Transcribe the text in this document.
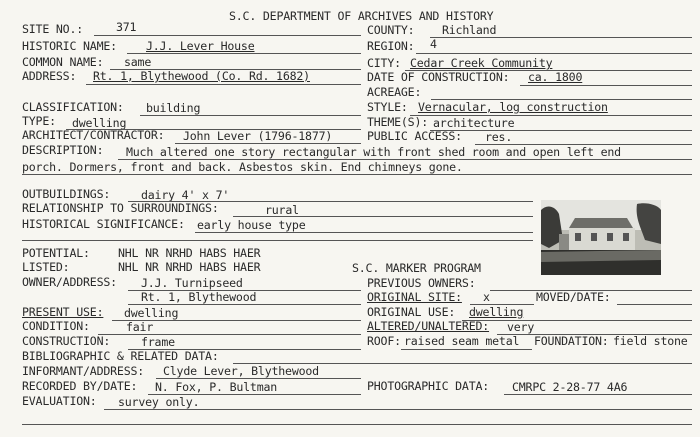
S.C. DEPARTMENT OF ARCHIVES AND HISTORY
SITE NO.:	371	COUNTY: Richland
HISTORIC NAME:	J.J. Lever House	REGION: 4
COMMON NAME: same	CITY: Cedar Creek Community
ADDRESS: Rt. 1, Blythewood (Co. Rd. 1682)	DATE OF CONSTRUCTION: ca. 1800
ACREAGE:
CLASSIFICATION: building	STYLE: Vernacular, log construction
TYPE: dwelling	THEME(S): architecture
ARCHITECT/CONTRACTOR: John Lever (1796-1877)	PUBLIC ACCESS: res.
DESCRIPTION: Much altered one story rectangular with front shed room and open left end
porch. Dormers, front and back. Asbestos skin. End chimneys gone.
OUTBUILDINGS:	dairy 4' x 7'
RELATIONSHIP TO SURROUNDINGS:	rural
HISTORICAL SIGNIFICANCE: early house type
POTENTIAL: NHL NR NRHD HABS HAER
LISTED:	NHL NR NRHD HABS HAER	S.C. MARKER PROGRAM
OWNER/ADDRESS: J.J. Turnipseed
Rt. 1, Blythewood
PREVIOUS OWNERS:
ORIGINAL SITE: x	MOVED/DATE:
PRESENT USE: dwelling	ORIGINAL USE: dwelling
CONDITION:	fair	ALTERED/UNALTERED: very
CONSTRUCTION:	frame	ROOF: raised seam metal FOUNDATION: field stone
BIBLIOGRAPHIC & RELATED DATA:
INFORMANT/ADDRESS: Clyde Lever, Blythewood
RECORDED BY/DATE: N. Fox, P. Bultman	PHOTOGRAPHIC DATA: CMRPC 2-28-77 4A6
EVALUATION: survey only.
